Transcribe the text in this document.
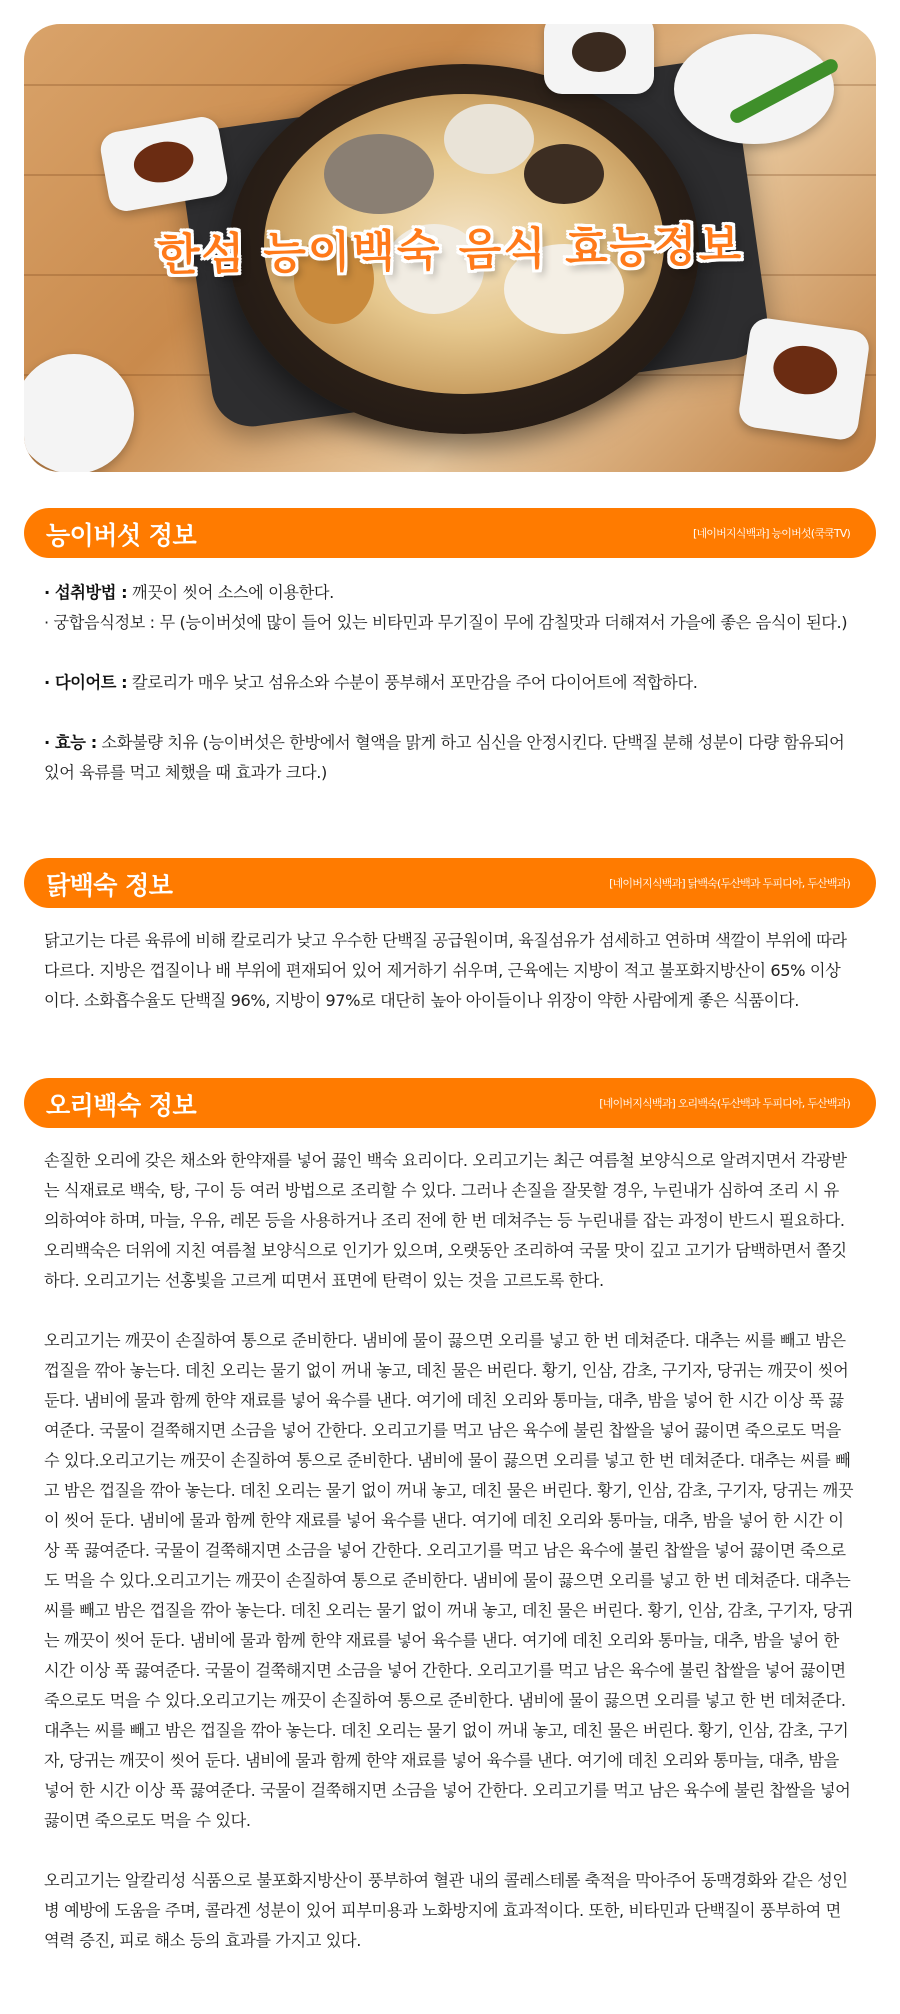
한섬 능이백숙 음식 효능정보
능이버섯 정보	[네이버지식백과] 능이버섯(쿡쿡TV)

· 섭취방법 : 깨끗이 씻어 소스에 이용한다.

· 궁합음식정보 : 무 (능이버섯에 많이 들어 있는 비타민과 무기질이 무에 감칠맛과 더해져서 가을에 좋은 음식이 된다.)

· 다이어트 : 칼로리가 매우 낮고 섬유소와 수분이 풍부해서 포만감을 주어 다이어트에 적합하다.

· 효능 : 소화불량 치유 (능이버섯은 한방에서 혈액을 맑게 하고 심신을 안정시킨다. 단백질 분해 성분이 다량 함유되어 있어 육류를 먹고 체했을 때 효과가 크다.)

닭백숙 정보	[네이버지식백과] 닭백숙(두산백과 두피디아, 두산백과)

닭고기는 다른 육류에 비해 칼로리가 낮고 우수한 단백질 공급원이며, 육질섬유가 섬세하고 연하며 색깔이 부위에 따라 다르다. 지방은 껍질이나 배 부위에 편재되어 있어 제거하기 쉬우며, 근육에는 지방이 적고 불포화지방산이 65% 이상이다. 소화흡수율도 단백질 96%, 지방이 97%로 대단히 높아 아이들이나 위장이 약한 사람에게 좋은 식품이다.

오리백숙 정보	[네이버지식백과] 오리백숙(두산백과 두피디아, 두산백과)

손질한 오리에 갖은 채소와 한약재를 넣어 끓인 백숙 요리이다. 오리고기는 최근 여름철 보양식으로 알려지면서 각광받는 식재료로 백숙, 탕, 구이 등 여러 방법으로 조리할 수 있다. 그러나 손질을 잘못할 경우, 누린내가 심하여 조리 시 유의하여야 하며, 마늘, 우유, 레몬 등을 사용하거나 조리 전에 한 번 데쳐주는 등 누린내를 잡는 과정이 반드시 필요하다. 오리백숙은 더위에 지친 여름철 보양식으로 인기가 있으며, 오랫동안 조리하여 국물 맛이 깊고 고기가 담백하면서 쫄깃하다. 오리고기는 선홍빛을 고르게 띠면서 표면에 탄력이 있는 것을 고르도록 한다.

오리고기는 깨끗이 손질하여 통으로 준비한다. 냄비에 물이 끓으면 오리를 넣고 한 번 데쳐준다. 대추는 씨를 빼고 밤은 껍질을 깎아 놓는다. 데친 오리는 물기 없이 꺼내 놓고, 데친 물은 버린다. 황기, 인삼, 감초, 구기자, 당귀는 깨끗이 씻어 둔다. 냄비에 물과 함께 한약 재료를 넣어 육수를 낸다. 여기에 데친 오리와 통마늘, 대추, 밤을 넣어 한 시간 이상 푹 끓여준다. 국물이 걸쭉해지면 소금을 넣어 간한다. 오리고기를 먹고 남은 육수에 불린 찹쌀을 넣어 끓이면 죽으로도 먹을 수 있다.오리고기는 깨끗이 손질하여 통으로 준비한다. 냄비에 물이 끓으면 오리를 넣고 한 번 데쳐준다. 대추는 씨를 빼고 밤은 껍질을 깎아 놓는다. 데친 오리는 물기 없이 꺼내 놓고, 데친 물은 버린다. 황기, 인삼, 감초, 구기자, 당귀는 깨끗이 씻어 둔다. 냄비에 물과 함께 한약 재료를 넣어 육수를 낸다. 여기에 데친 오리와 통마늘, 대추, 밤을 넣어 한 시간 이상 푹 끓여준다. 국물이 걸쭉해지면 소금을 넣어 간한다. 오리고기를 먹고 남은 육수에 불린 찹쌀을 넣어 끓이면 죽으로도 먹을 수 있다.오리고기는 깨끗이 손질하여 통으로 준비한다. 냄비에 물이 끓으면 오리를 넣고 한 번 데쳐준다. 대추는 씨를 빼고 밤은 껍질을 깎아 놓는다. 데친 오리는 물기 없이 꺼내 놓고, 데친 물은 버린다. 황기, 인삼, 감초, 구기자, 당귀는 깨끗이 씻어 둔다. 냄비에 물과 함께 한약 재료를 넣어 육수를 낸다. 여기에 데친 오리와 통마늘, 대추, 밤을 넣어 한 시간 이상 푹 끓여준다. 국물이 걸쭉해지면 소금을 넣어 간한다. 오리고기를 먹고 남은 육수에 불린 찹쌀을 넣어 끓이면 죽으로도 먹을 수 있다.오리고기는 깨끗이 손질하여 통으로 준비한다. 냄비에 물이 끓으면 오리를 넣고 한 번 데쳐준다. 대추는 씨를 빼고 밤은 껍질을 깎아 놓는다. 데친 오리는 물기 없이 꺼내 놓고, 데친 물은 버린다. 황기, 인삼, 감초, 구기자, 당귀는 깨끗이 씻어 둔다. 냄비에 물과 함께 한약 재료를 넣어 육수를 낸다. 여기에 데친 오리와 통마늘, 대추, 밤을 넣어 한 시간 이상 푹 끓여준다. 국물이 걸쭉해지면 소금을 넣어 간한다. 오리고기를 먹고 남은 육수에 불린 찹쌀을 넣어 끓이면 죽으로도 먹을 수 있다.

오리고기는 알칼리성 식품으로 불포화지방산이 풍부하여 혈관 내의 콜레스테롤 축적을 막아주어 동맥경화와 같은 성인병 예방에 도움을 주며, 콜라겐 성분이 있어 피부미용과 노화방지에 효과적이다. 또한, 비타민과 단백질이 풍부하여 면역력 증진, 피로 해소 등의 효과를 가지고 있다.
